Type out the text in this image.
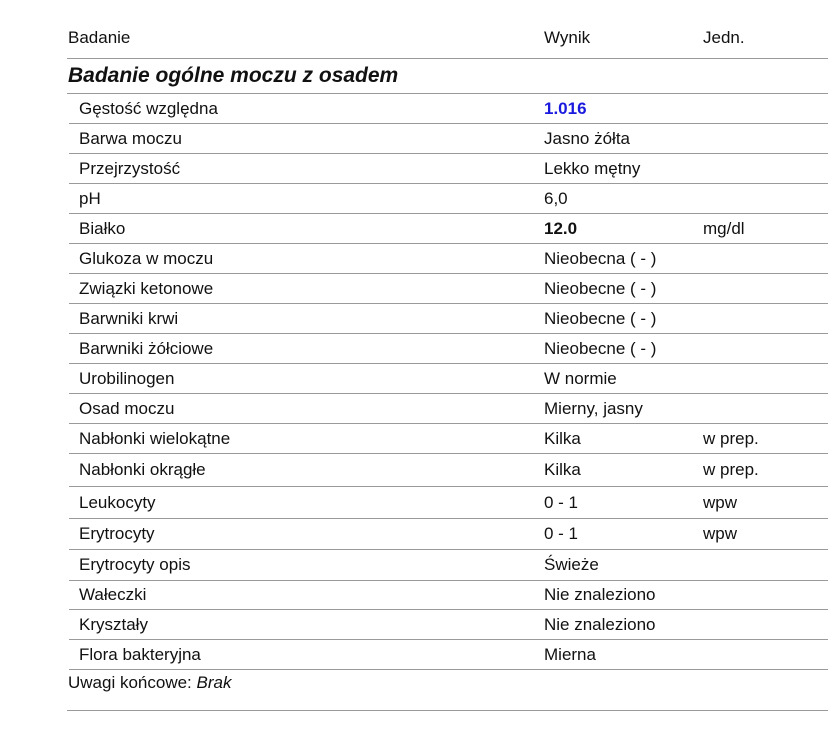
Badanie	Wynik	Jedn.
Badanie ogólne moczu z osadem
Gęstość względna	1.016
Barwa moczu	Jasno żółta
Przejrzystość	Lekko mętny
pH	6,0
Białko	12.0	mg/dl
Glukoza w moczu	Nieobecna ( - )
Związki ketonowe	Nieobecne ( - )
Barwniki krwi	Nieobecne ( - )
Barwniki żółciowe	Nieobecne ( - )
Urobilinogen	W normie
Osad moczu	Mierny, jasny
Nabłonki wielokątne	Kilka	w prep.
Nabłonki okrągłe	Kilka	w prep.
Leukocyty	0 - 1	wpw
Erytrocyty	0 - 1	wpw
Erytrocyty opis	Świeże
Wałeczki	Nie znaleziono
Kryształy	Nie znaleziono
Flora bakteryjna	Mierna
Uwagi końcowe: Brak
